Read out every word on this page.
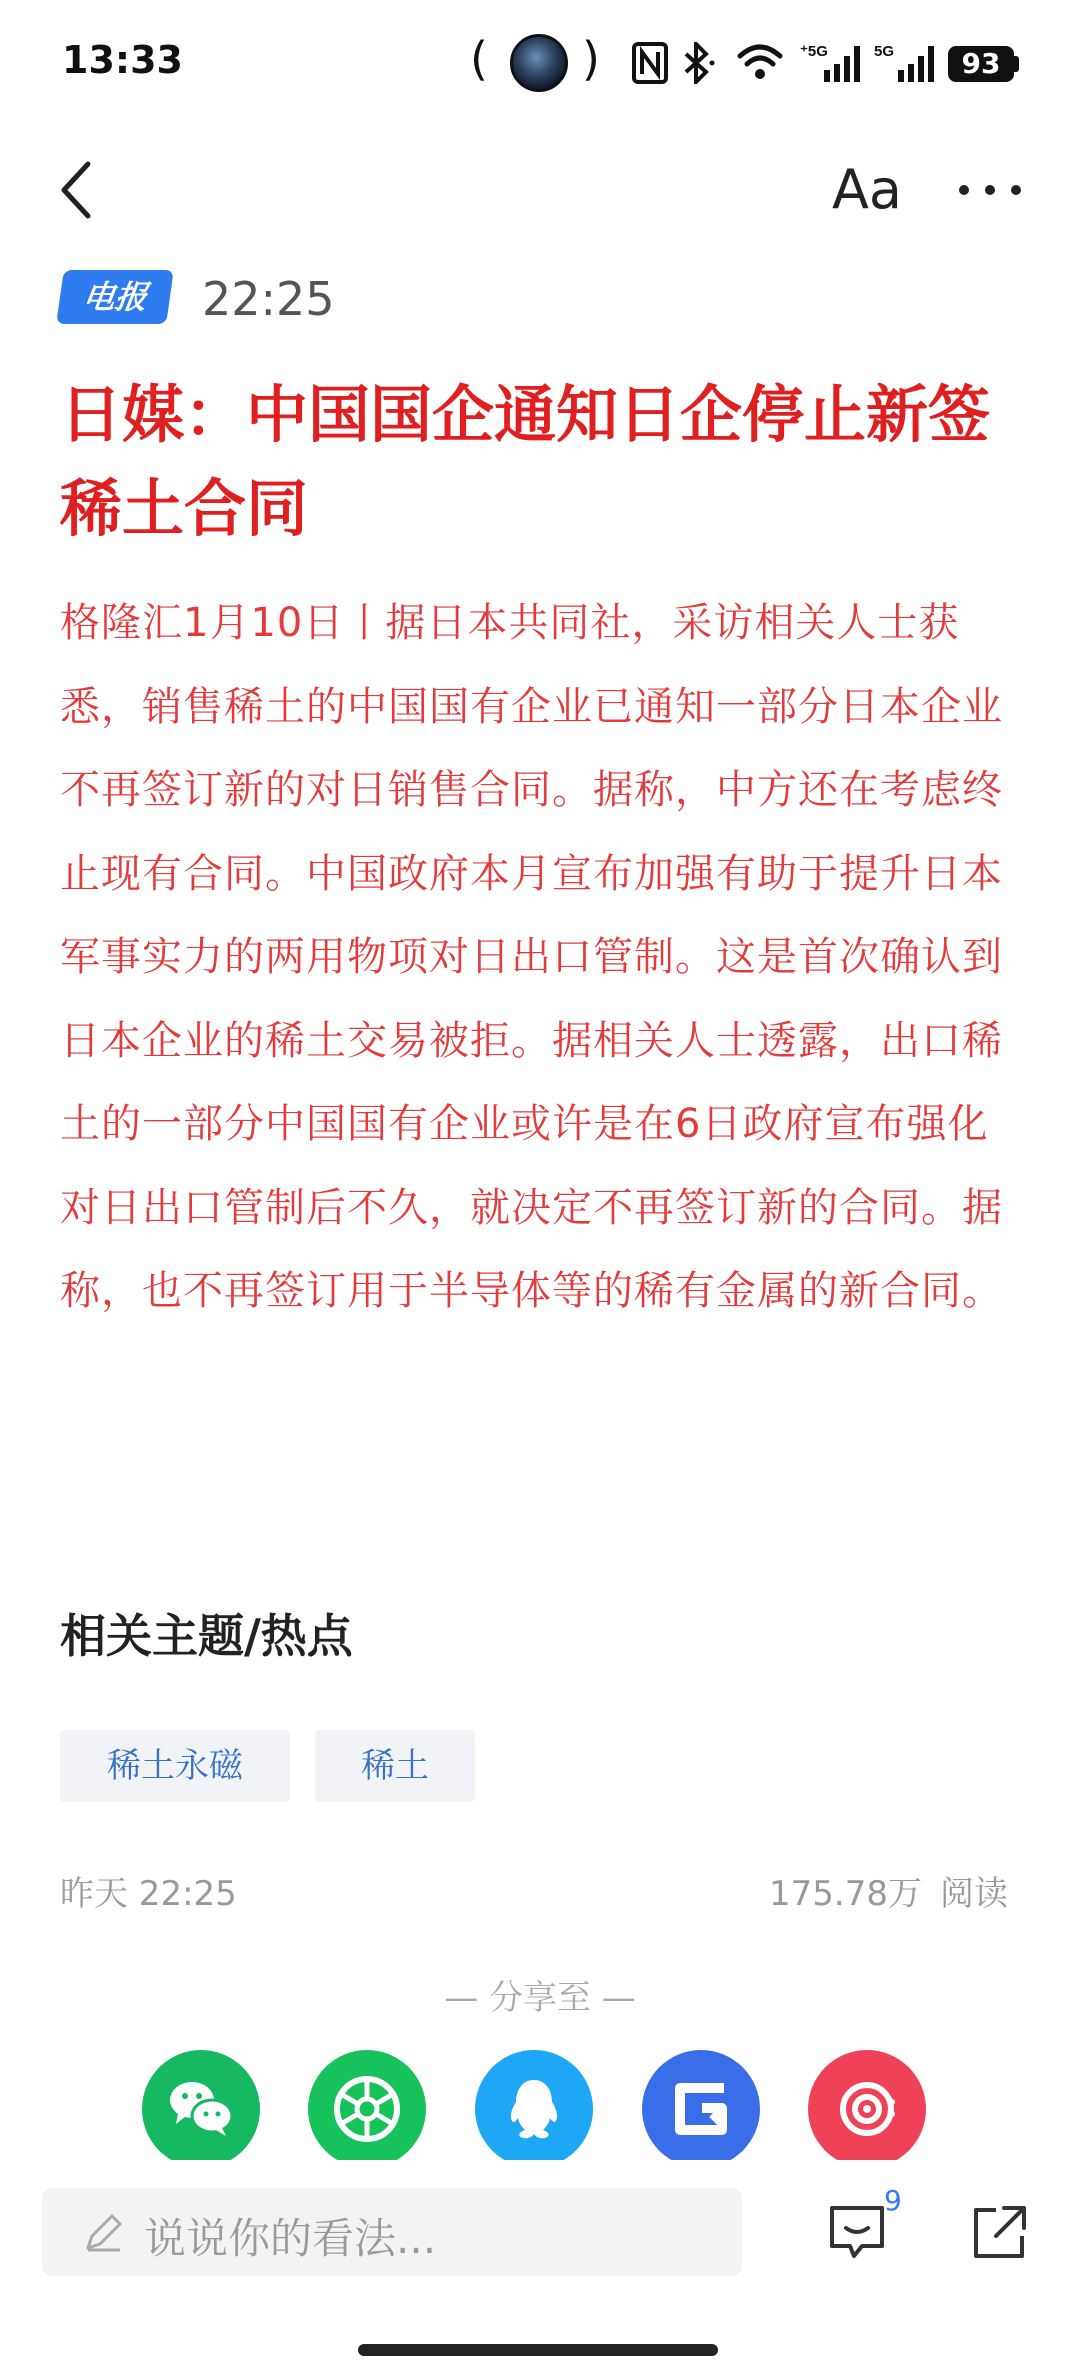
13:33	( )	⁺5G	5G	93
Aa
电报	22:25
日媒：中国国企通知日企停止新签稀土合同
格隆汇1月10日丨据日本共同社，采访相关人士获悉，销售稀土的中国国有企业已通知一部分日本企业不再签订新的对日销售合同。据称，中方还在考虑终止现有合同。中国政府本月宣布加强有助于提升日本军事实力的两用物项对日出口管制。这是首次确认到日本企业的稀土交易被拒。据相关人士透露，出口稀土的一部分中国国有企业或许是在6日政府宣布强化对日出口管制后不久，就决定不再签订新的合同。据称，也不再签订用于半导体等的稀有金属的新合同。
相关主题/热点
稀土永磁	稀土
昨天 22:25	175.78万 阅读
— 分享至 —
说说你的看法...
9
